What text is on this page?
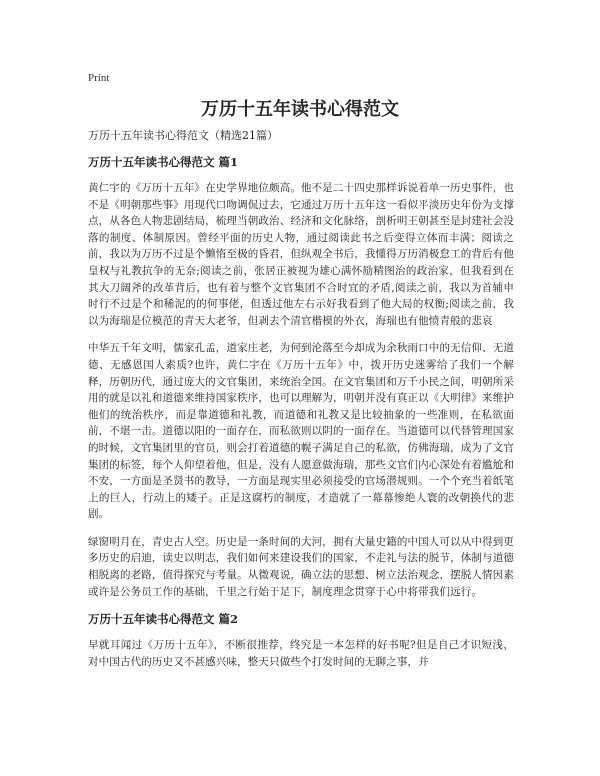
Print
万历十五年读书心得范文

万历十五年读书心得范文（精选21篇）

万历十五年读书心得范文 篇1

黄仁宇的《万历十五年》在史学界地位颇高。他不是二十四史那样诉说着单一历史事件，也不是《明朝那些事》用现代口吻调侃过去，它通过万历十五年这一看似平淡历史年份为支撑点，从各色人物悲剧结局，梳理当朝政治、经济和文化脉络，剖析明王朝甚至是封建社会没落的制度、体制原因。曾经平面的历史人物，通过阅读此书之后变得立体而丰满；阅读之前，我以为万历不过是个懒惰至极的昏君，但纵观全书后，我懂得万历消极怠工的背后有他皇权与礼教抗争的无奈;阅读之前，张居正被视为雄心满怀励精图治的政治家，但我看到在其大刀阔斧的改革背后，也有着与整个文官集团不合时宜的矛盾,阅读之前，我以为首辅申时行不过是个和稀泥的的何事佬，但透过他左右示好我看到了他大局的权衡;阅读之前，我以为海瑞是位模范的青天大老爷，但剥去个清官楷模的外衣，海瑞也有他愤青般的悲哀

中华五千年文明，儒家孔孟，道家庄老，为何到沦落至今却成为余秋雨口中的无信仰、无道德、无感恩国人素质?也许，黄仁宇在《万历十五年》中，拨开历史迷雾给了我们一个解释，历朝历代，通过庞大的文官集团，来统治全国。在文官集团和万千小民之间，明朝所采用的就是以礼和道德来维持国家秩序，也可以理解为，明朝并没有真正以《大明律》来维护他们的统治秩序，而是靠道德和礼教，而道德和礼教又是比较抽象的一些准则，在私欲面前，不堪一击。道德以阳的一面存在，而私欲则以阴的一面存在。当道德可以代替管理国家的时候，文官集团里的官员，则会打着道德的幌子满足自己的私欲，仿佛海瑞，成为了文官集团的标签，每个人仰望着他，但是，没有人愿意做海瑞，那些文官们内心深处有着尴尬和不安，一方面是圣贤书的教导，一方面是现实里必须接受的官场潜规则。一个个充当着纸笔上的巨人，行动上的矮子。正是这腐朽的制度，才造就了一幕幕惨绝人寰的改朝换代的悲剧。

绿窗明月在，青史古人空。历史是一条时间的大河，拥有大量史籍的中国人可以从中得到更多历史的启迪，读史以明志，我们如何来建设我们的国家，不走礼与法的脱节，体制与道德相脱离的老路，值得探究与考量。从微观说，确立法的思想、树立法治观念，摆脱人情因素或许是公务员工作的基础，千里之行始于足下，制度理念贯穿于心中将带我们远行。

万历十五年读书心得范文 篇2

早就耳闻过《万历十五年》，不断很推荐，终究是一本怎样的好书呢?但是自己才识短浅，对中国古代的历史又不甚感兴味，整天只做些个打发时间的无聊之事，并
